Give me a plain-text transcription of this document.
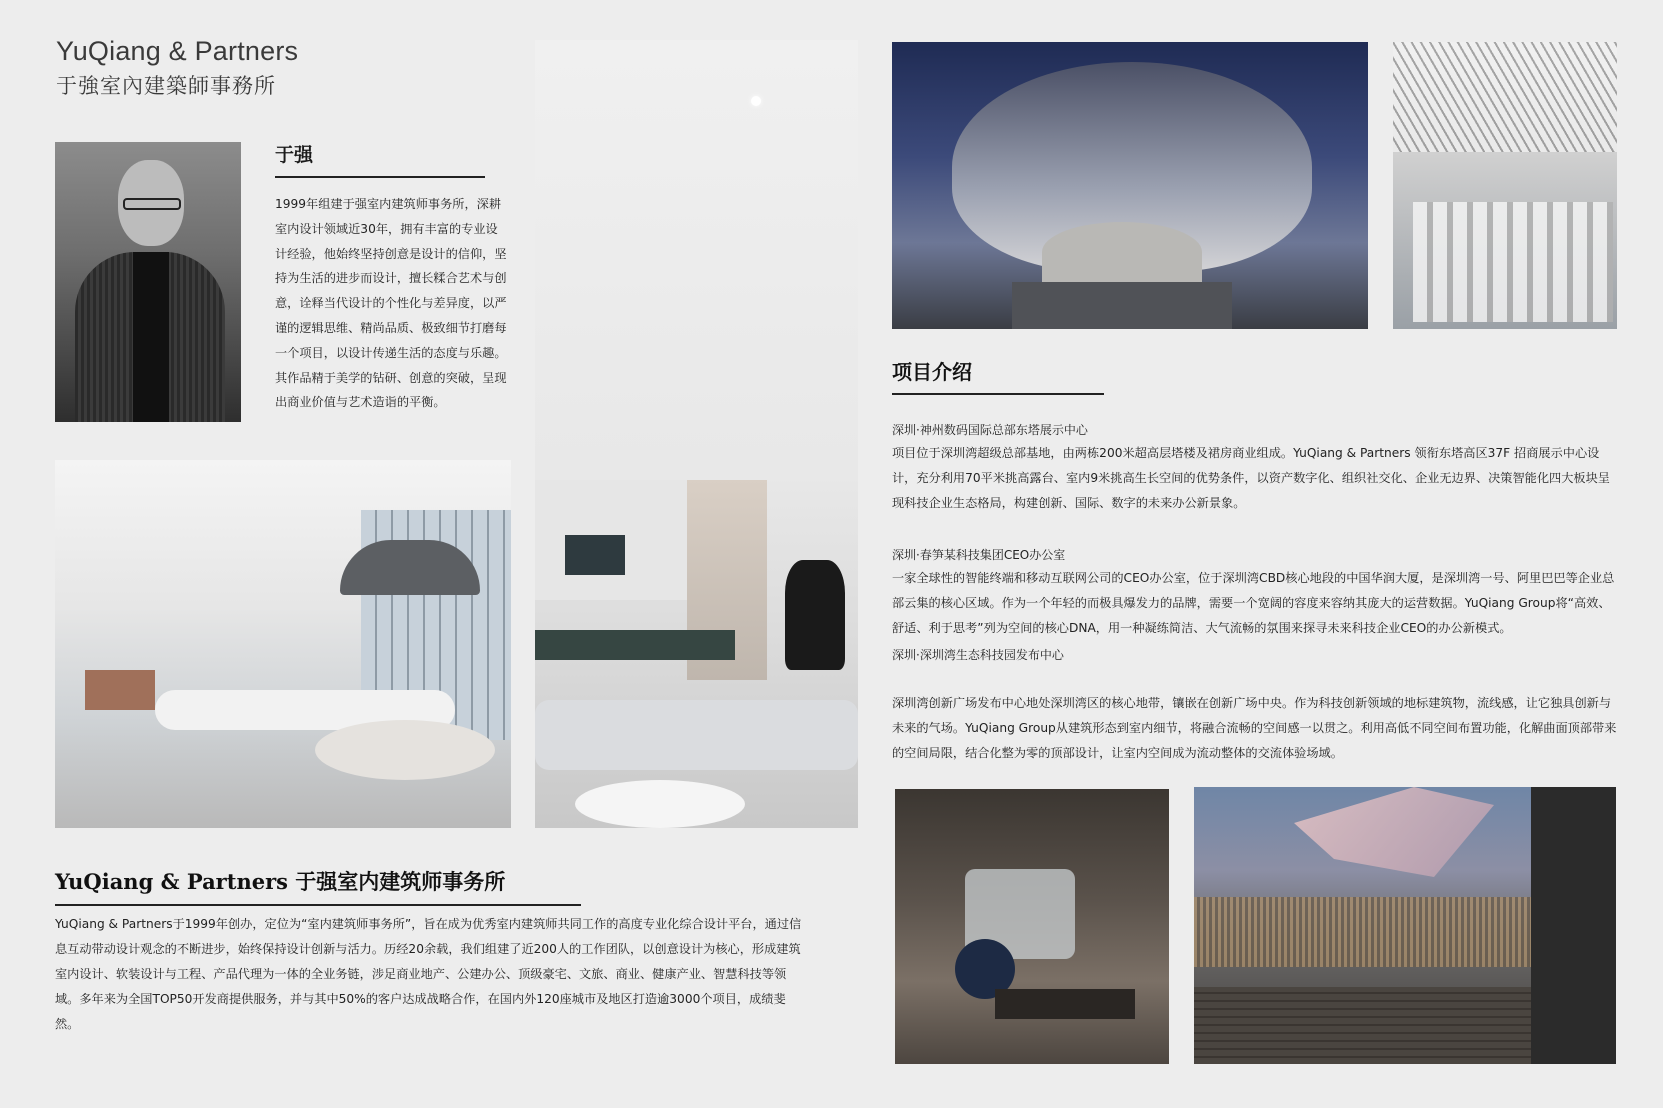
YuQiang & Partners
于強室內建築師事務所
于强
1999年组建于强室内建筑师事务所，深耕室内设计领域近30年，拥有丰富的专业设计经验，他始终坚持创意是设计的信仰，坚持为生活的进步而设计，擅长糅合艺术与创意，诠释当代设计的个性化与差异度，以严谨的逻辑思维、精尚品质、极致细节打磨每一个项目，以设计传递生活的态度与乐趣。其作品精于美学的钻研、创意的突破，呈现出商业价值与艺术造诣的平衡。
项目介绍
深圳·神州数码国际总部东塔展示中心
项目位于深圳湾超级总部基地，由两栋200米超高层塔楼及裙房商业组成。YuQiang & Partners 领衔东塔高区37F 招商展示中心设计，充分利用70平米挑高露台、室内9米挑高生长空间的优势条件，以资产数字化、组织社交化、企业无边界、决策智能化四大板块呈现科技企业生态格局，构建创新、国际、数字的未来办公新景象。
深圳·春笋某科技集团CEO办公室
一家全球性的智能终端和移动互联网公司的CEO办公室，位于深圳湾CBD核心地段的中国华润大厦，是深圳湾一号、阿里巴巴等企业总部云集的核心区域。作为一个年轻的而极具爆发力的品牌，需要一个宽阔的容度来容纳其庞大的运营数据。YuQiang Group将“高效、舒适、利于思考”列为空间的核心DNA，用一种凝练简洁、大气流畅的氛围来探寻未来科技企业CEO的办公新模式。
深圳·深圳湾生态科技园发布中心
深圳湾创新广场发布中心地处深圳湾区的核心地带，镶嵌在创新广场中央。作为科技创新领域的地标建筑物，流线感，让它独具创新与未来的气场。YuQiang Group从建筑形态到室内细节，将融合流畅的空间感一以贯之。利用高低不同空间布置功能，化解曲面顶部带来的空间局限，结合化整为零的顶部设计，让室内空间成为流动整体的交流体验场域。
YuQiang & Partners 于强室内建筑师事务所
YuQiang & Partners于1999年创办，定位为“室内建筑师事务所”，旨在成为优秀室内建筑师共同工作的高度专业化综合设计平台，通过信息互动带动设计观念的不断进步，始终保持设计创新与活力。历经20余载，我们组建了近200人的工作团队，以创意设计为核心，形成建筑室内设计、软装设计与工程、产品代理为一体的全业务链，涉足商业地产、公建办公、顶级豪宅、文旅、商业、健康产业、智慧科技等领域。多年来为全国TOP50开发商提供服务，并与其中50%的客户达成战略合作，在国内外120座城市及地区打造逾3000个项目，成绩斐然。
